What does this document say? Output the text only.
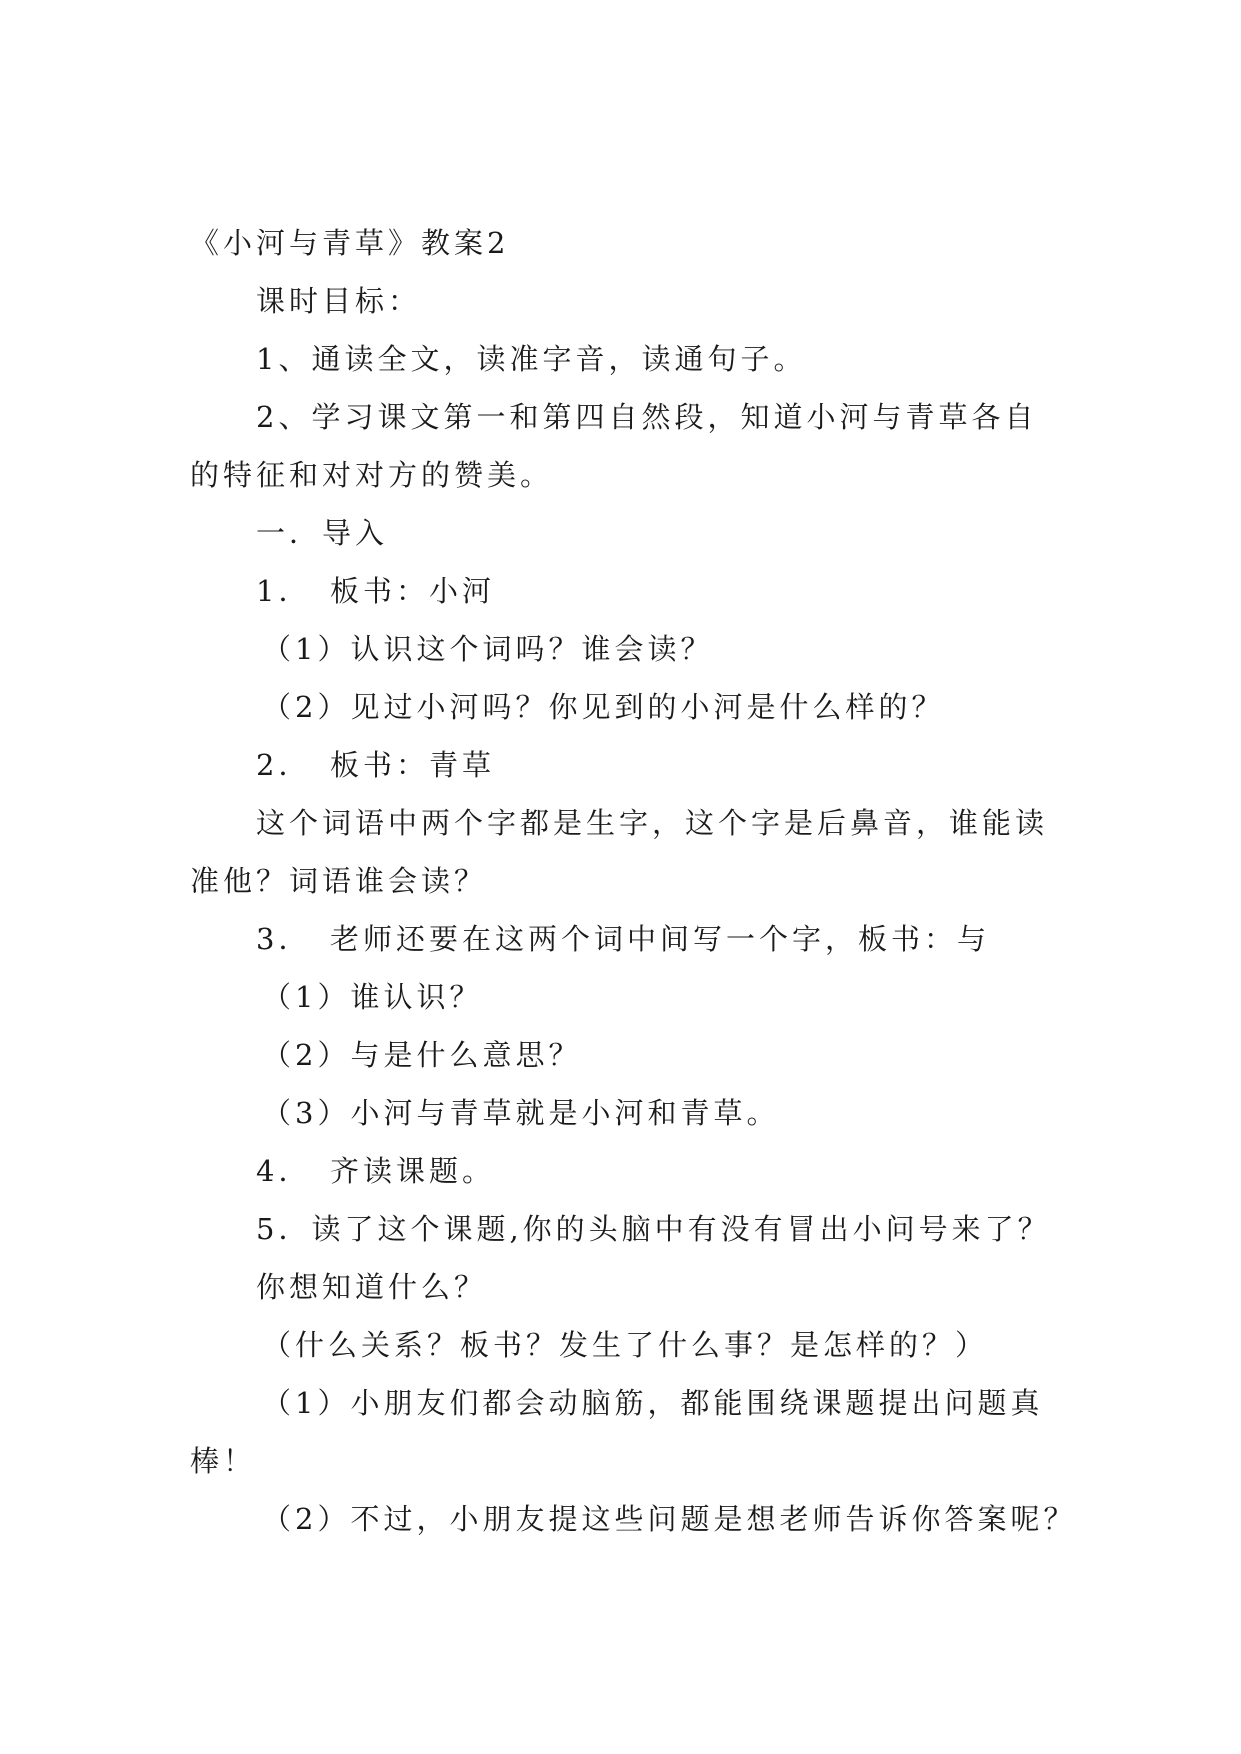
《小河与青草》教案2
课时目标：
1、通读全文，读准字音，读通句子。
2、学习课文第一和第四自然段，知道小河与青草各自
的特征和对对方的赞美。
一．导入
1．　板书：小河
（1）认识这个词吗？谁会读？
（2）见过小河吗？你见到的小河是什么样的？
2．　板书：青草
这个词语中两个字都是生字，这个字是后鼻音，谁能读
准他？词语谁会读？
3．　老师还要在这两个词中间写一个字，板书：与
（1）谁认识？
（2）与是什么意思？
（3）小河与青草就是小河和青草。
4．　齐读课题。
5．读了这个课题,你的头脑中有没有冒出小问号来了？
你想知道什么？
（什么关系？板书？发生了什么事？是怎样的？）
（1）小朋友们都会动脑筋，都能围绕课题提出问题真
棒！
（2）不过，小朋友提这些问题是想老师告诉你答案呢？
